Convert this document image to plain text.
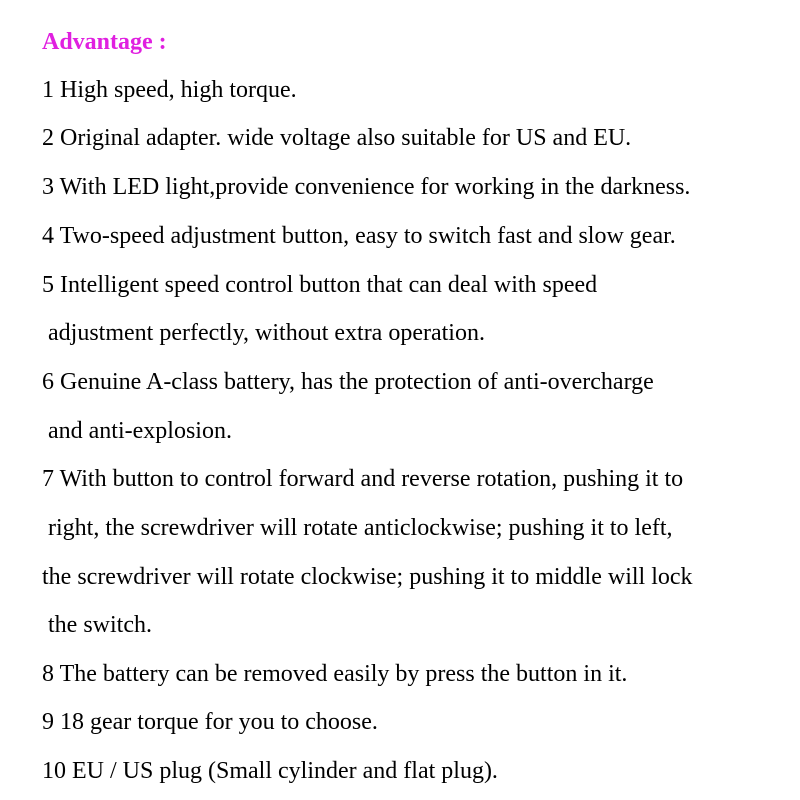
Advantage :
1 High speed, high torque.
2 Original adapter. wide voltage also suitable for US and EU.
3 With LED light,provide convenience for working in the darkness.
4 Two-speed adjustment button, easy to switch fast and slow gear.
5 Intelligent speed control button that can deal with speed
adjustment perfectly, without extra operation.
6 Genuine A-class battery, has the protection of anti-overcharge
and anti-explosion.
7 With button to control forward and reverse rotation, pushing it to
right, the screwdriver will rotate anticlockwise; pushing it to left,
the screwdriver will rotate clockwise; pushing it to middle will lock
the switch.
8 The battery can be removed easily by press the button in it.
9 18 gear torque for you to choose.
10 EU / US plug (Small cylinder and flat plug).
